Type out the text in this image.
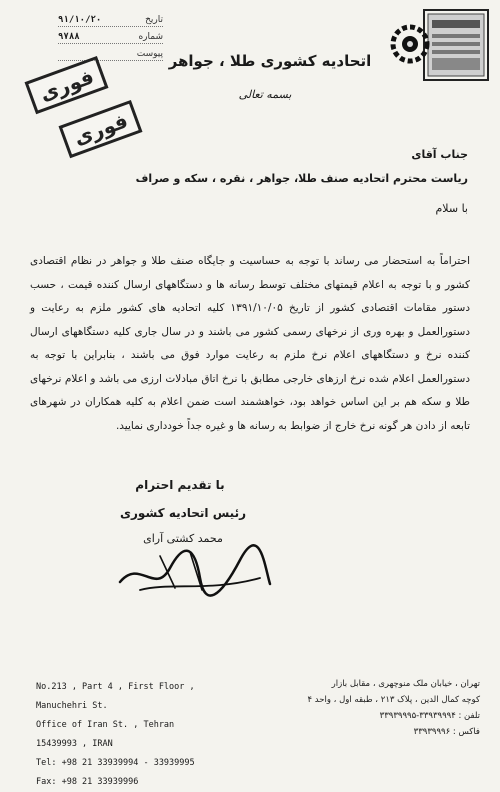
تاریخ
۹۱/۱۰/۲۰
شماره
۹۷۸۸
پیوست
فوری
فوری
اتحادیه کشوری طلا ، جواهر
بسمه تعالی
جناب آقای
ریاست محترم اتحادیه صنف طلا، جواهر ، نقره ، سکه و صراف
با سلام
احتراماً به استحضار می رساند با توجه به حساسیت و جایگاه صنف طلا و جواهر در نظام اقتصادی کشور و با توجه به اعلام قیمتهای مختلف توسط رسانه ها و دستگاههای ارسال کننده قیمت ، حسب دستور مقامات اقتصادی کشور از تاریخ ۱۳۹۱/۱۰/۰۵ کلیه اتحادیه های کشور ملزم به رعایت و دستورالعمل و بهره وری از نرخهای رسمی کشور می باشند و در سال جاری کلیه دستگاههای ارسال کننده نرخ و دستگاههای اعلام نرخ ملزم به رعایت موارد فوق می باشند ، بنابراین با توجه به دستورالعمل اعلام شده نرخ ارزهای خارجی مطابق با نرخ اتاق مبادلات ارزی می باشد و اعلام نرخهای طلا و سکه هم بر این اساس خواهد بود، خواهشمند است ضمن اعلام به کلیه همکاران در شهرهای تابعه از دادن هر گونه نرخ خارج از ضوابط به رسانه ها و غیره جداً خودداری نمایید.
با تقدیم احترام
رئیس اتحادیه کشوری
محمد کشتی آرای
No.213 , Part 4 , First Floor , Manuchehri St.
Office of Iran St. , Tehran 15439993 , IRAN
Tel: +98 21 33939994 - 33939995
Fax: +98 21 33939996
تهران ، خیابان ملک منوچهری ، مقابل بازار
کوچه کمال الدین ، پلاک ۲۱۳ ، طبقه اول ، واحد ۴
تلفن : ۳۳۹۳۹۹۹۴-۳۳۹۳۹۹۹۵
فاکس : ۳۳۹۳۹۹۹۶
